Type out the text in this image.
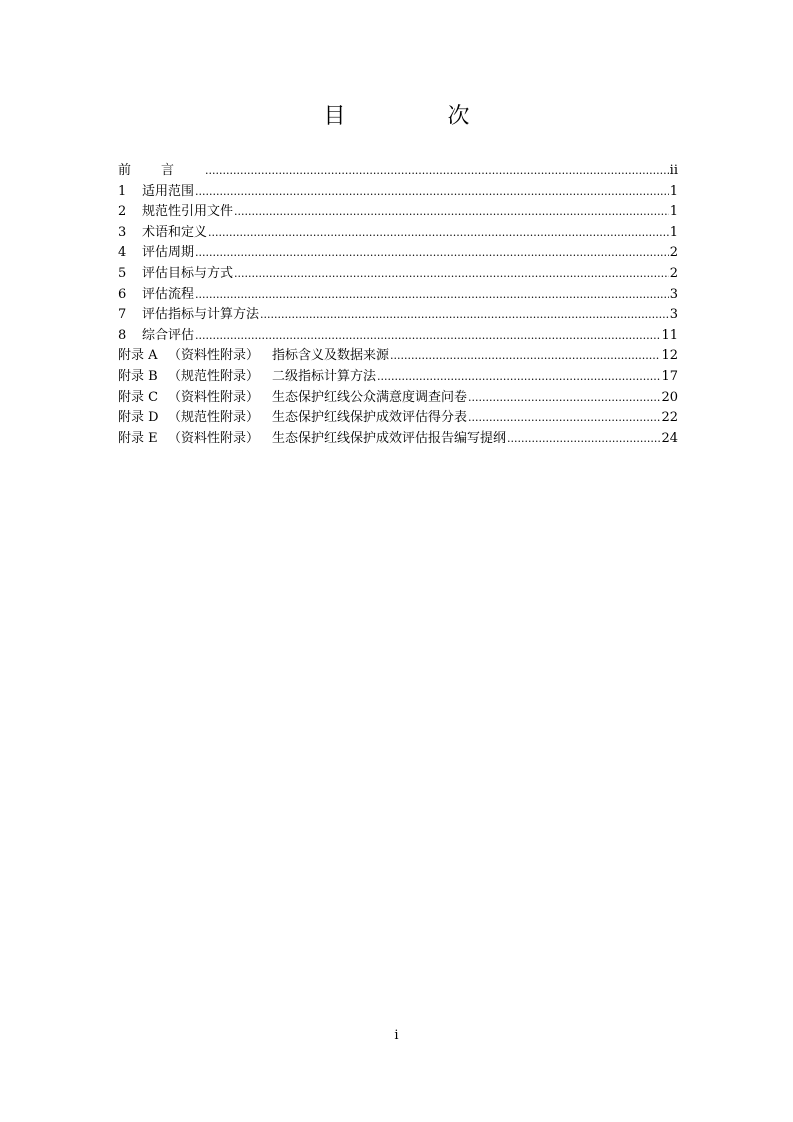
目　次
前言 .....	ii
1 适用范围 .....	1
2 规范性引用文件 .....	1
3 术语和定义 .....	1
4 评估周期 .....	2
5 评估目标与方式 .....	2
6 评估流程 .....	3
7 评估指标与计算方法 .....	3
8 综合评估 .....	11
附录 A （资料性附录） 指标含义及数据来源 .....	12
附录 B （规范性附录） 二级指标计算方法 .....	17
附录 C （资料性附录） 生态保护红线公众满意度调查问卷 .....	20
附录 D （规范性附录） 生态保护红线保护成效评估得分表 .....	22
附录 E （资料性附录） 生态保护红线保护成效评估报告编写提纲 .....	24
i
